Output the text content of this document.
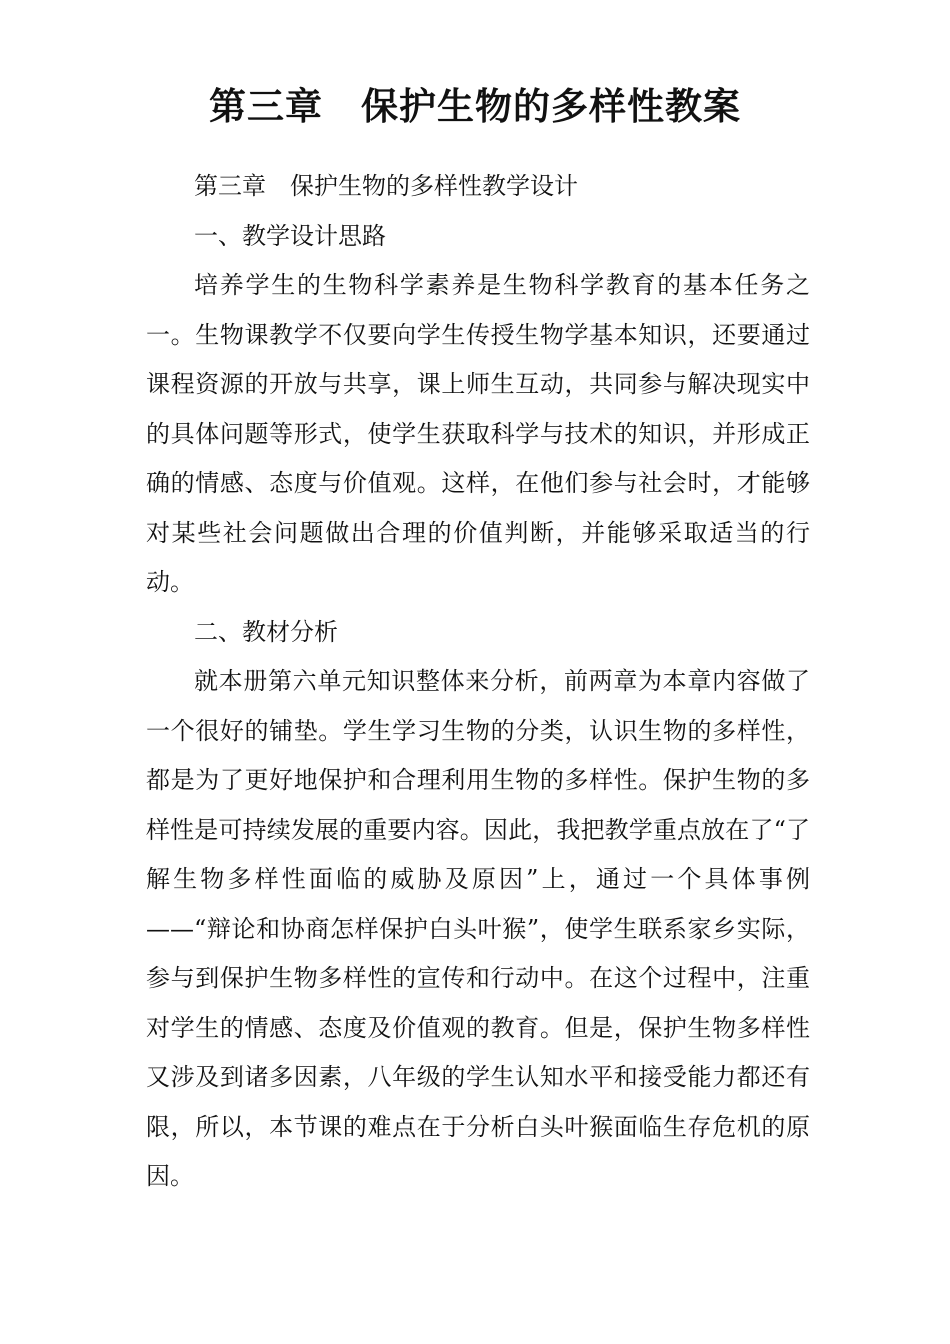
第三章　保护生物的多样性教案

第三章　保护生物的多样性教学设计

一、教学设计思路

培养学生的生物科学素养是生物科学教育的基本任务之一。生物课教学不仅要向学生传授生物学基本知识，还要通过课程资源的开放与共享，课上师生互动，共同参与解决现实中的具体问题等形式，使学生获取科学与技术的知识，并形成正确的情感、态度与价值观。这样，在他们参与社会时，才能够对某些社会问题做出合理的价值判断，并能够采取适当的行动。

二、教材分析

就本册第六单元知识整体来分析，前两章为本章内容做了一个很好的铺垫。学生学习生物的分类，认识生物的多样性，都是为了更好地保护和合理利用生物的多样性。保护生物的多样性是可持续发展的重要内容。因此，我把教学重点放在了“了解生物多样性面临的威胁及原因”上，通过一个具体事例——“辩论和协商怎样保护白头叶猴”，使学生联系家乡实际，参与到保护生物多样性的宣传和行动中。在这个过程中，注重对学生的情感、态度及价值观的教育。但是，保护生物多样性又涉及到诸多因素，八年级的学生认知水平和接受能力都还有限，所以，本节课的难点在于分析白头叶猴面临生存危机的原因。
